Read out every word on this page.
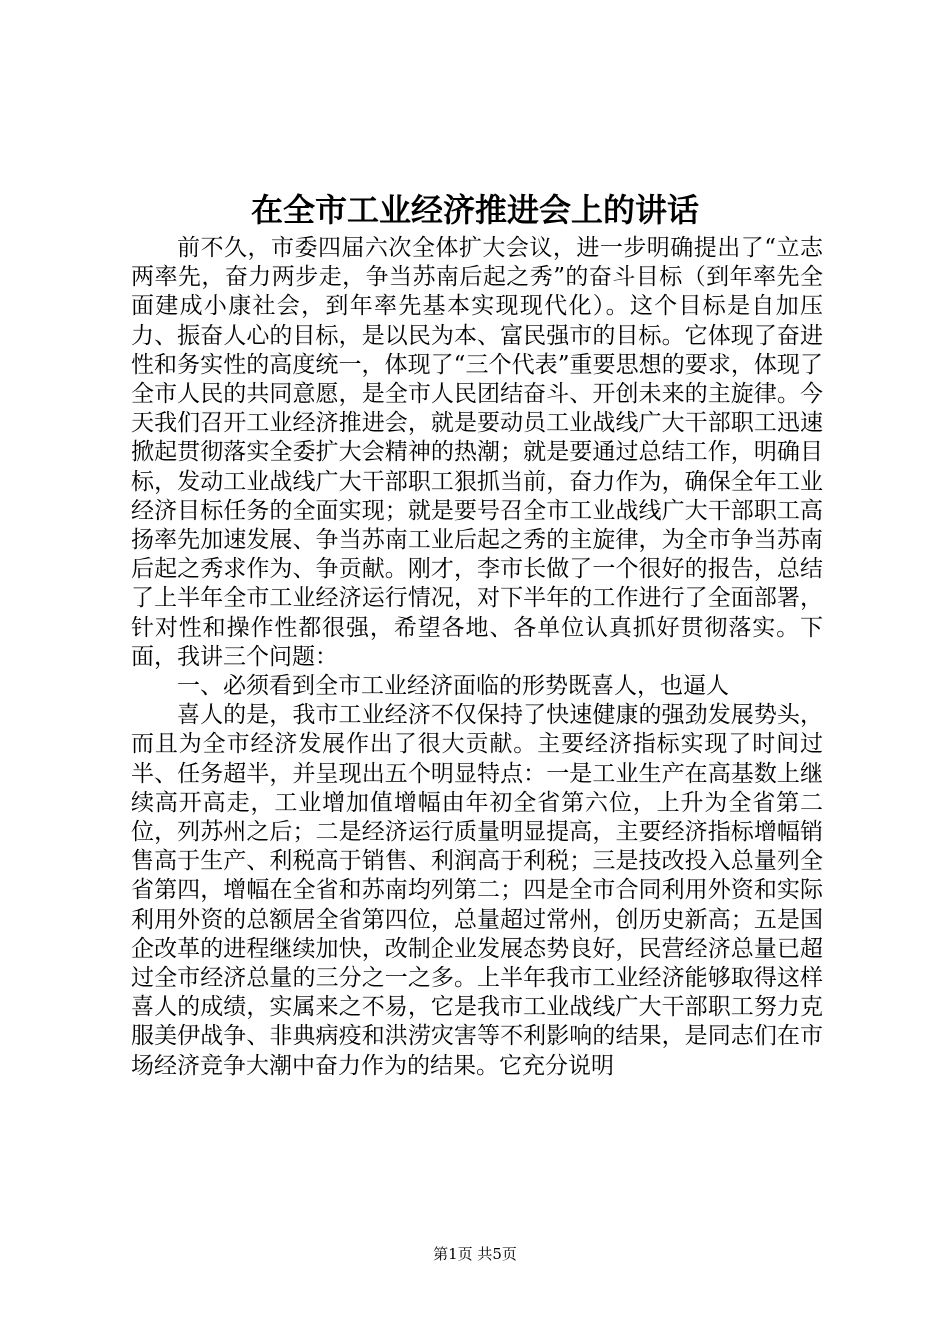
在全市工业经济推进会上的讲话

前不久，市委四届六次全体扩大会议，进一步明确提出了“立志两率先，奋力两步走，争当苏南后起之秀”的奋斗目标（到年率先全面建成小康社会，到年率先基本实现现代化）。这个目标是自加压力、振奋人心的目标，是以民为本、富民强市的目标。它体现了奋进性和务实性的高度统一，体现了“三个代表”重要思想的要求，体现了全市人民的共同意愿，是全市人民团结奋斗、开创未来的主旋律。今天我们召开工业经济推进会，就是要动员工业战线广大干部职工迅速掀起贯彻落实全委扩大会精神的热潮；就是要通过总结工作，明确目标，发动工业战线广大干部职工狠抓当前，奋力作为，确保全年工业经济目标任务的全面实现；就是要号召全市工业战线广大干部职工高扬率先加速发展、争当苏南工业后起之秀的主旋律，为全市争当苏南后起之秀求作为、争贡献。刚才，李市长做了一个很好的报告，总结了上半年全市工业经济运行情况，对下半年的工作进行了全面部署，针对性和操作性都很强，希望各地、各单位认真抓好贯彻落实。下面，我讲三个问题：

一、必须看到全市工业经济面临的形势既喜人，也逼人

喜人的是，我市工业经济不仅保持了快速健康的强劲发展势头，而且为全市经济发展作出了很大贡献。主要经济指标实现了时间过半、任务超半，并呈现出五个明显特点：一是工业生产在高基数上继续高开高走，工业增加值增幅由年初全省第六位，上升为全省第二位，列苏州之后；二是经济运行质量明显提高，主要经济指标增幅销售高于生产、利税高于销售、利润高于利税；三是技改投入总量列全省第四，增幅在全省和苏南均列第二；四是全市合同利用外资和实际利用外资的总额居全省第四位，总量超过常州，创历史新高；五是国企改革的进程继续加快，改制企业发展态势良好，民营经济总量已超过全市经济总量的三分之一之多。上半年我市工业经济能够取得这样喜人的成绩，实属来之不易，它是我市工业战线广大干部职工努力克服美伊战争、非典病疫和洪涝灾害等不利影响的结果，是同志们在市场经济竞争大潮中奋力作为的结果。它充分说明

第1页 共5页
